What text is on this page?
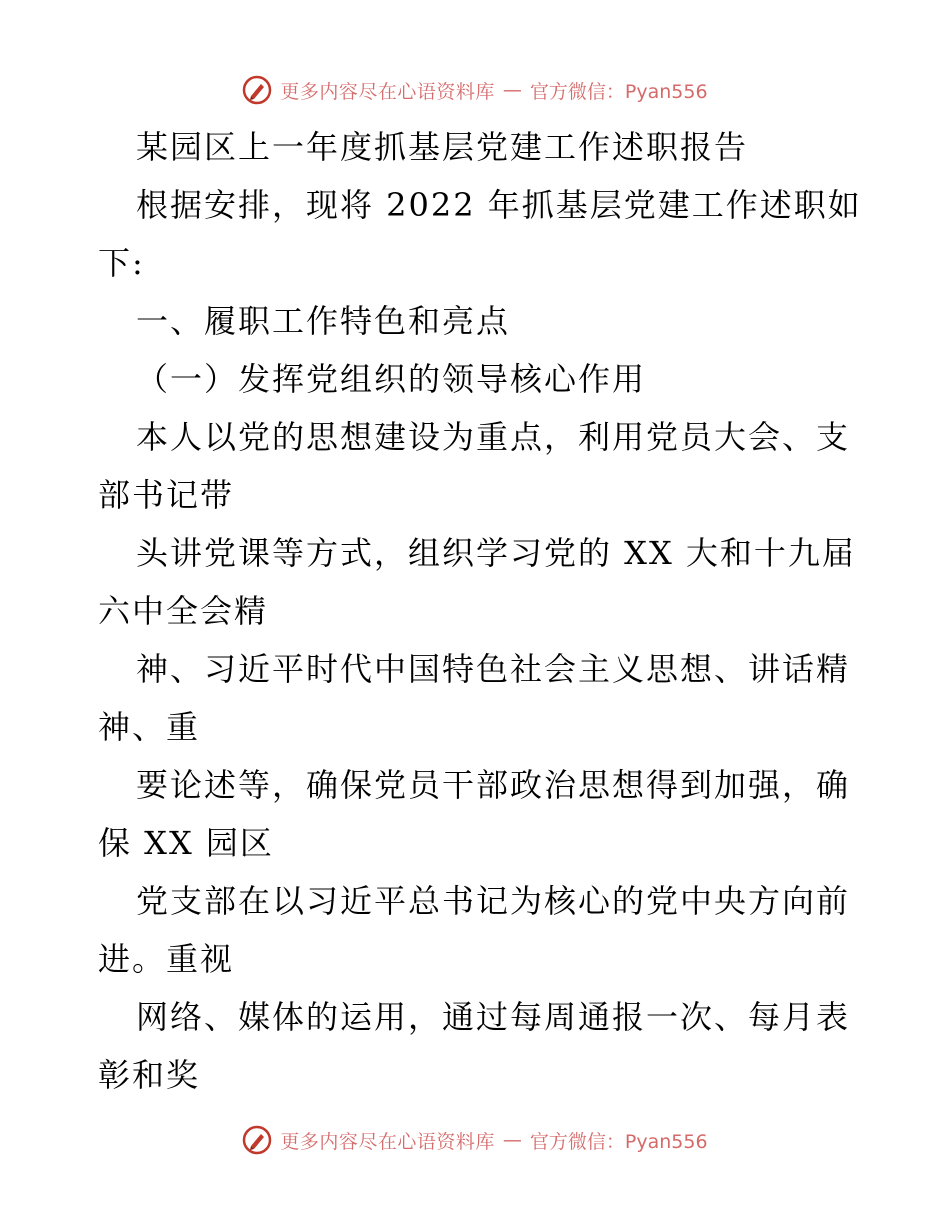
更多内容尽在心语资料库 — 官方微信：Pyan556

某园区上一年度抓基层党建工作述职报告

根据安排，现将 2022 年抓基层党建工作述职如

下:

一、履职工作特色和亮点

（一）发挥党组织的领导核心作用

本人以党的思想建设为重点，利用党员大会、支

部书记带

头讲党课等方式，组织学习党的 XX 大和十九届

六中全会精

神、习近平时代中国特色社会主义思想、讲话精

神、重

要论述等，确保党员干部政治思想得到加强，确

保 XX 园区

党支部在以习近平总书记为核心的党中央方向前

进。重视

网络、媒体的运用，通过每周通报一次、每月表

彰和奖

更多内容尽在心语资料库 — 官方微信：Pyan556
